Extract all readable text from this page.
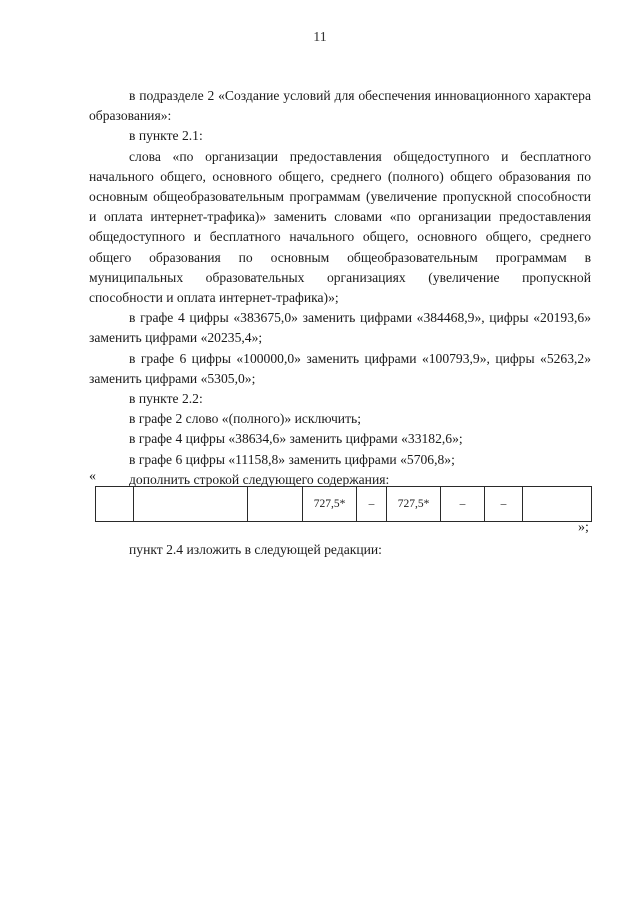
11

в подразделе 2 «Создание условий для обеспечения инновационного характера образования»:

в пункте 2.1:

слова «по организации предоставления общедоступного и бесплатного начального общего, основного общего, среднего (полного) общего образования по основным общеобразовательным программам (увеличение пропускной способности и оплата интернет-трафика)» заменить словами «по организации предоставления общедоступного и бесплатного начального общего, основного общего, среднего общего образования по основным общеобразовательным программам в муниципальных образовательных организациях (увеличение пропускной способности и оплата интернет-трафика)»;

в графе 4 цифры «383675,0» заменить цифрами «384468,9», цифры «20193,6» заменить цифрами «20235,4»;

в графе 6 цифры «100000,0» заменить цифрами «100793,9», цифры «5263,2» заменить цифрами «5305,0»;

в пункте 2.2:

в графе 2 слово «(полного)» исключить;

в графе 4 цифры «38634,6» заменить цифрами «33182,6»;

в графе 6 цифры «11158,8» заменить цифрами «5706,8»;

дополнить строкой следующего содержания:

«
			727,5*	–	727,5*	–	–	
»;

пункт 2.4 изложить в следующей редакции:
